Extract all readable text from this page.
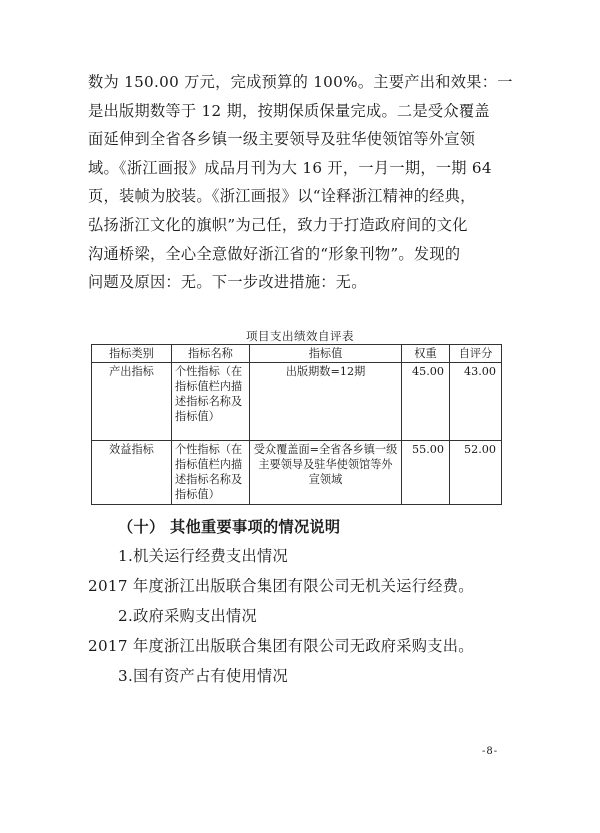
数为 150.00 万元，完成预算的 100%。主要产出和效果：一

是出版期数等于 12 期，按期保质保量完成。二是受众覆盖

面延伸到全省各乡镇一级主要领导及驻华使领馆等外宣领

域。《浙江画报》成品月刊为大 16 开，一月一期，一期 64

页，装帧为胶装。《浙江画报》以“诠释浙江精神的经典，

弘扬浙江文化的旗帜”为己任，致力于打造政府间的文化

沟通桥梁，全心全意做好浙江省的“形象刊物”。发现的

问题及原因：无。下一步改进措施：无。

项目支出绩效自评表
指标类别	指标名称	指标值	权重	自评分
产出指标	个性指标（在指标值栏内描述指标名称及指标值）	出版期数=12期	45.00	43.00
效益指标	个性指标（在指标值栏内描述指标名称及指标值）	受众覆盖面=全省各乡镇一级主要领导及驻华使领馆等外宣领域	55.00	52.00

（十） 其他重要事项的情况说明

1.机关运行经费支出情况

2017 年度浙江出版联合集团有限公司无机关运行经费。

2.政府采购支出情况

2017 年度浙江出版联合集团有限公司无政府采购支出。

3.国有资产占有使用情况

-8-
